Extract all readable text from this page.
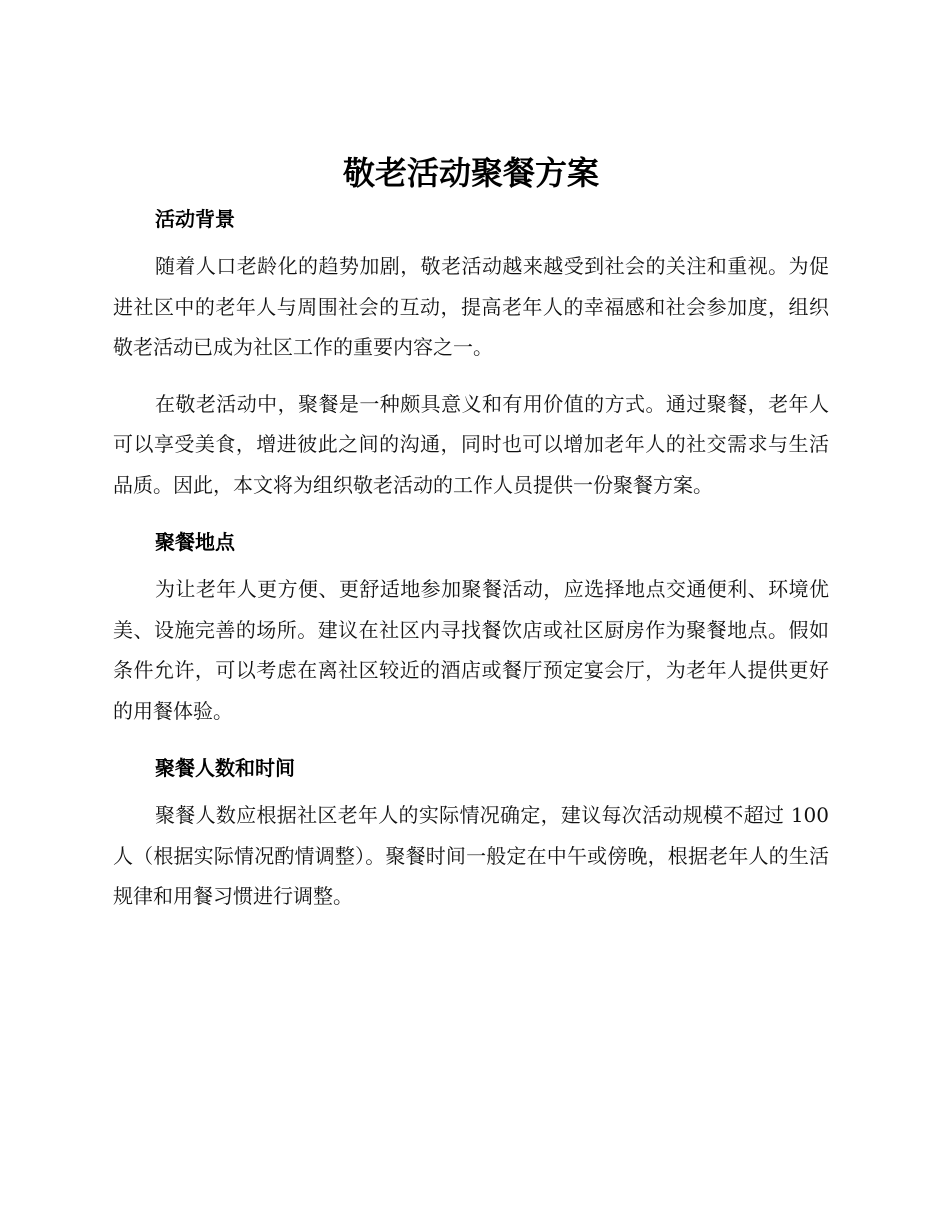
敬老活动聚餐方案
活动背景

随着人口老龄化的趋势加剧，敬老活动越来越受到社会的关注和重视。为促进社区中的老年人与周围社会的互动，提高老年人的幸福感和社会参加度，组织敬老活动已成为社区工作的重要内容之一。

在敬老活动中，聚餐是一种颇具意义和有用价值的方式。通过聚餐，老年人可以享受美食，增进彼此之间的沟通，同时也可以增加老年人的社交需求与生活品质。因此，本文将为组织敬老活动的工作人员提供一份聚餐方案。

聚餐地点

为让老年人更方便、更舒适地参加聚餐活动，应选择地点交通便利、环境优美、设施完善的场所。建议在社区内寻找餐饮店或社区厨房作为聚餐地点。假如条件允许，可以考虑在离社区较近的酒店或餐厅预定宴会厅，为老年人提供更好的用餐体验。

聚餐人数和时间

聚餐人数应根据社区老年人的实际情况确定，建议每次活动规模不超过 100 人（根据实际情况酌情调整）。聚餐时间一般定在中午或傍晚，根据老年人的生活规律和用餐习惯进行调整。
